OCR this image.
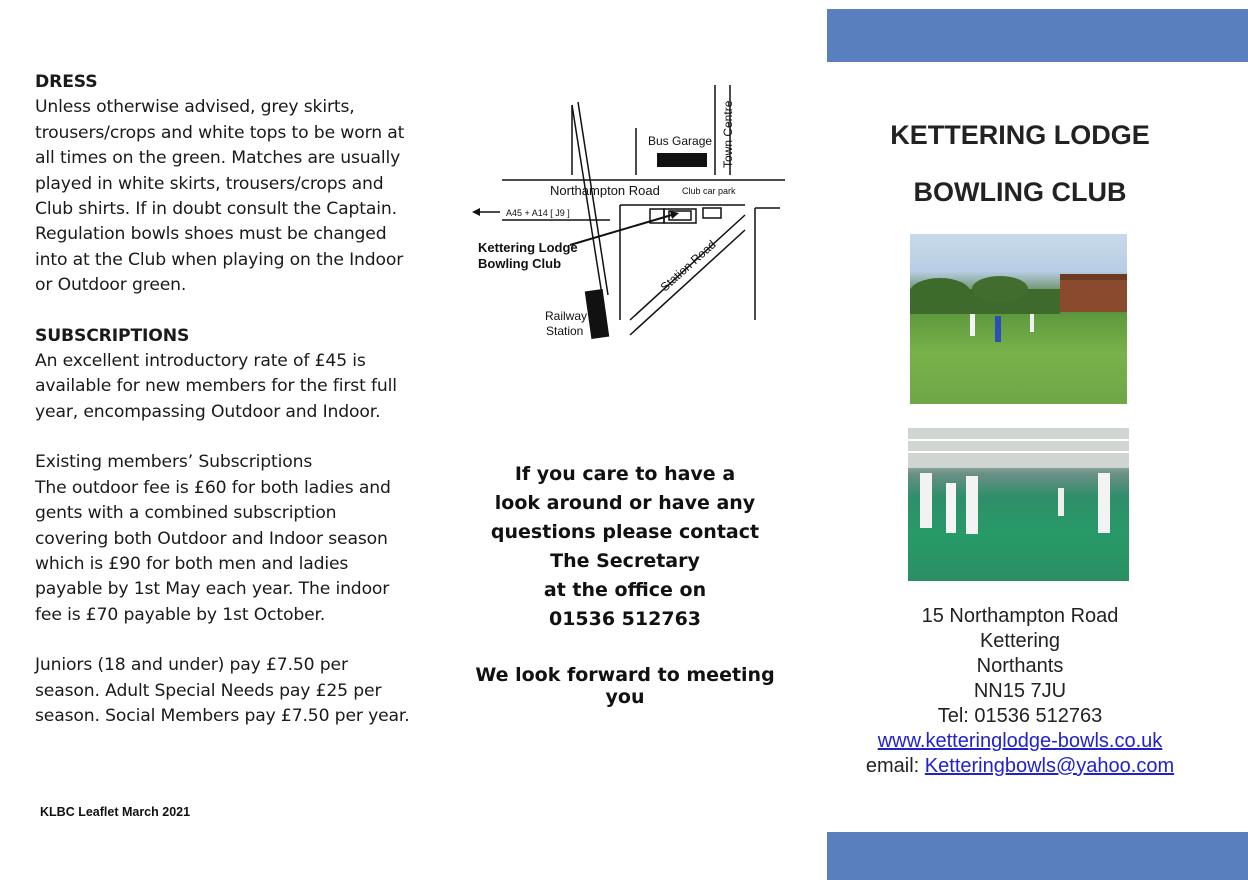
DRESS

Unless otherwise advised, grey skirts, trousers/crops and white tops to be worn at all times on the green. Matches are usually played in white skirts, trousers/crops and Club shirts. If in doubt consult the Captain. Regulation bowls shoes must be changed into at the Club when playing on the Indoor or Outdoor green.

SUBSCRIPTIONS

An excellent introductory rate of £45 is available for new members for the first full year, encompassing Outdoor and Indoor.

Existing members’ Subscriptions

The outdoor fee is £60 for both ladies and gents with a combined subscription covering both Outdoor and Indoor season which is £90 for both men and ladies payable by 1st May each year. The indoor fee is £70 payable by 1st October.

Juniors (18 and under) pay £7.50 per season. Adult Special Needs pay £25 per season. Social Members pay £7.50 per year.

KLBC Leaflet March 2021
Town Centre
Bus Garage
Northampton Road Club car park
A45 + A14 [ J9 ]
Railway
Station
Kettering Lodge
Bowling Club	Station Road
If you care to have a
look around or have any
questions please contact
The Secretary
at the office on
01536 512763
We look forward to meeting you
KETTERING LODGE
BOWLING CLUB
15 Northampton Road
Kettering
Northants
NN15 7JU
Tel: 01536 512763
www.ketteringlodge-bowls.co.uk
email: Ketteringbowls@yahoo.com
